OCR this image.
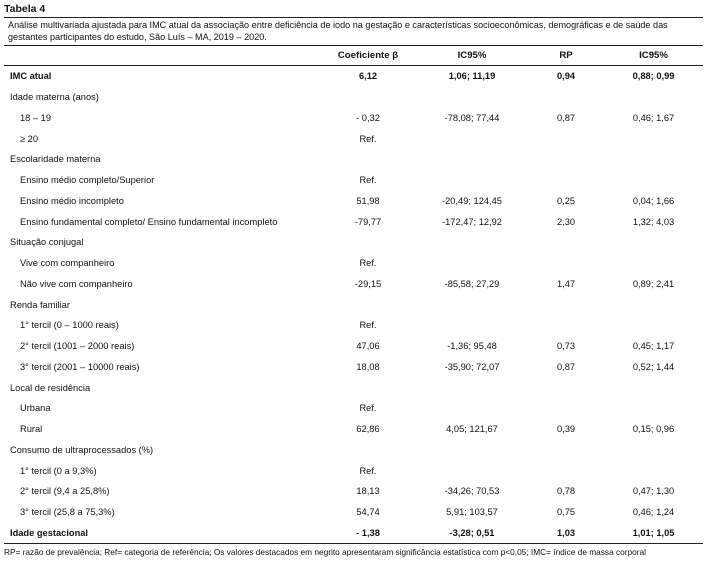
Tabela 4
Análise multivariada ajustada para IMC atual da associação entre deficiência de iodo na gestação e características socioeconômicas, demográficas e de saúde das gestantes participantes do estudo, São Luís – MA, 2019 – 2020.
	Coeficiente β	IC95%	RP	IC95%
IMC atual	6,12	1,06; 11,19	0,94	0,88; 0,99
Idade materna (anos)				
18 – 19	- 0,32	-78,08; 77,44	0,87	0,46; 1,67
≥ 20	Ref.			
Escolaridade materna				
Ensino médio completo/Superior	Ref.			
Ensino médio incompleto	51,98	-20,49; 124,45	0,25	0,04; 1,66
Ensino fundamental completo/ Ensino fundamental incompleto	-79,77	-172,47; 12,92	2,30	1,32; 4,03
Situação conjugal				
Vive com companheiro	Ref.			
Não vive com companheiro	-29,15	-85,58; 27,29	1,47	0,89; 2,41
Renda familiar				
1° tercil (0 – 1000 reais)	Ref.			
2° tercil (1001 – 2000 reais)	47,06	-1,36; 95,48	0,73	0,45; 1,17
3° tercil (2001 – 10000 reais)	18,08	-35,90; 72,07	0,87	0,52; 1,44
Local de residência				
Urbana	Ref.			
Rural	62,86	4,05; 121,67	0,39	0,15; 0,96
Consumo de ultraprocessados (%)				
1° tercil (0 a 9,3%)	Ref.			
2° tercil (9,4 a 25,8%)	18,13	-34,26; 70,53	0,78	0,47; 1,30
3° tercil (25,8 a 75,3%)	54,74	5,91; 103,57	0,75	0,46; 1,24
Idade gestacional	- 1,38	-3,28; 0,51	1,03	1,01; 1,05
RP= razão de prevalência; Ref= categoria de referência; Os valores destacados em negrito apresentaram significância estatística com p<0,05; IMC= índice de massa corporal
